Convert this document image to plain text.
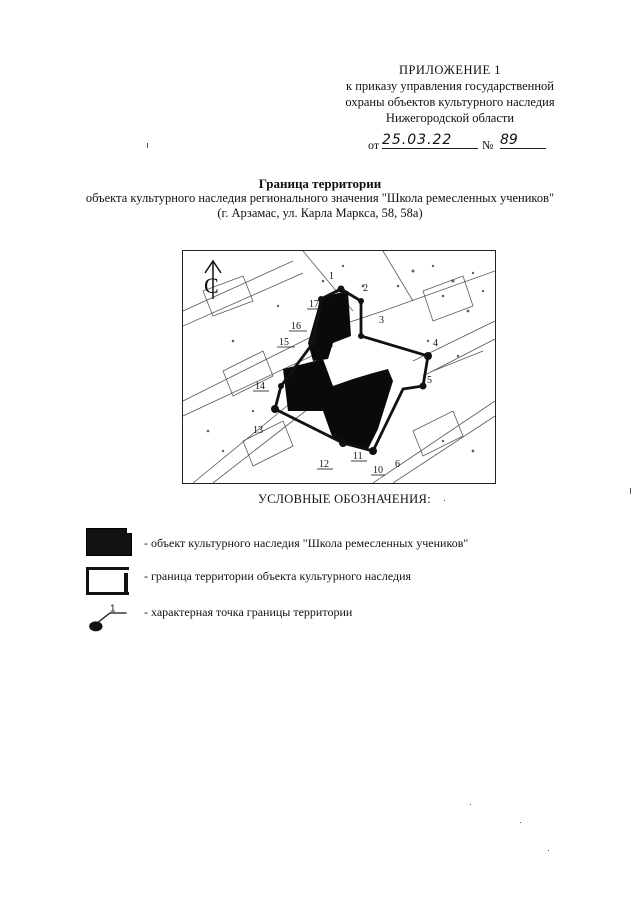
ПРИЛОЖЕНИЕ 1
к приказу управления государственной
охраны объектов культурного наследия
Нижегородской области
от 25.03.22	№ 89
Граница территории
объекта культурного наследия регионального значения "Школа ремесленных учеников"
(г. Арзамас, ул. Карла Маркса, 58, 58а)
С	1
2
3
4
5
6
10
11
12
13
14
15
16
17
УСЛОВНЫЕ ОБОЗНАЧЕНИЯ:
- объект культурного наследия "Школа ремесленных учеников"
- граница территории объекта культурного наследия
1 - характерная точка границы территории
